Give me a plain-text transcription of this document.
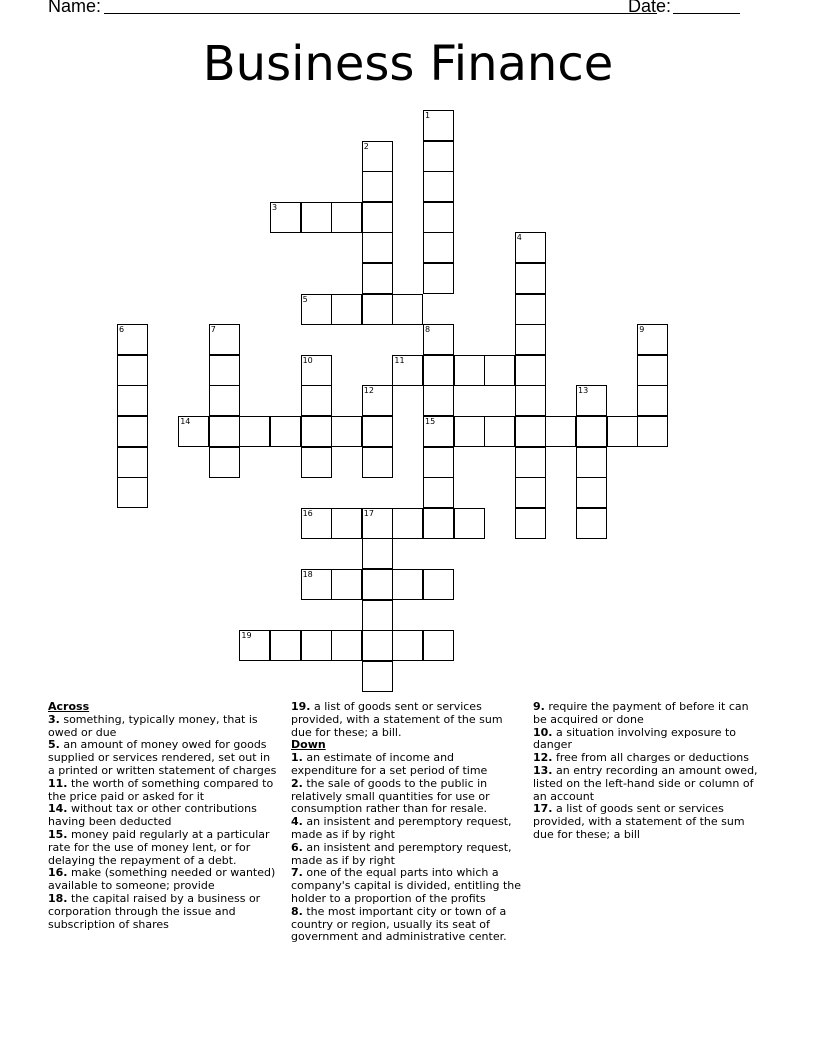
Name:	Date:
Business Finance
3
5
11
14	15
16	17
18
19
1
2
4
6	7	8	9
10
12	13
Across
3. something, typically money, that is owed or due
5. an amount of money owed for goods supplied or services rendered, set out in a printed or written statement of charges
11. the worth of something compared to the price paid or asked for it
14. without tax or other contributions having been deducted
15. money paid regularly at a particular rate for the use of money lent, or for delaying the repayment of a debt.
16. make (something needed or wanted) available to someone; provide
18. the capital raised by a business or corporation through the issue and subscription of shares
19. a list of goods sent or services provided, with a statement of the sum due for these; a bill.
Down
1. an estimate of income and expenditure for a set period of time
2. the sale of goods to the public in relatively small quantities for use or consumption rather than for resale.
4. an insistent and peremptory request, made as if by right
6. an insistent and peremptory request, made as if by right
7. one of the equal parts into which a company's capital is divided, entitling the holder to a proportion of the profits
8. the most important city or town of a country or region, usually its seat of government and administrative center.
9. require the payment of before it can be acquired or done
10. a situation involving exposure to danger
12. free from all charges or deductions
13. an entry recording an amount owed, listed on the left-hand side or column of an account
17. a list of goods sent or services provided, with a statement of the sum due for these; a bill
